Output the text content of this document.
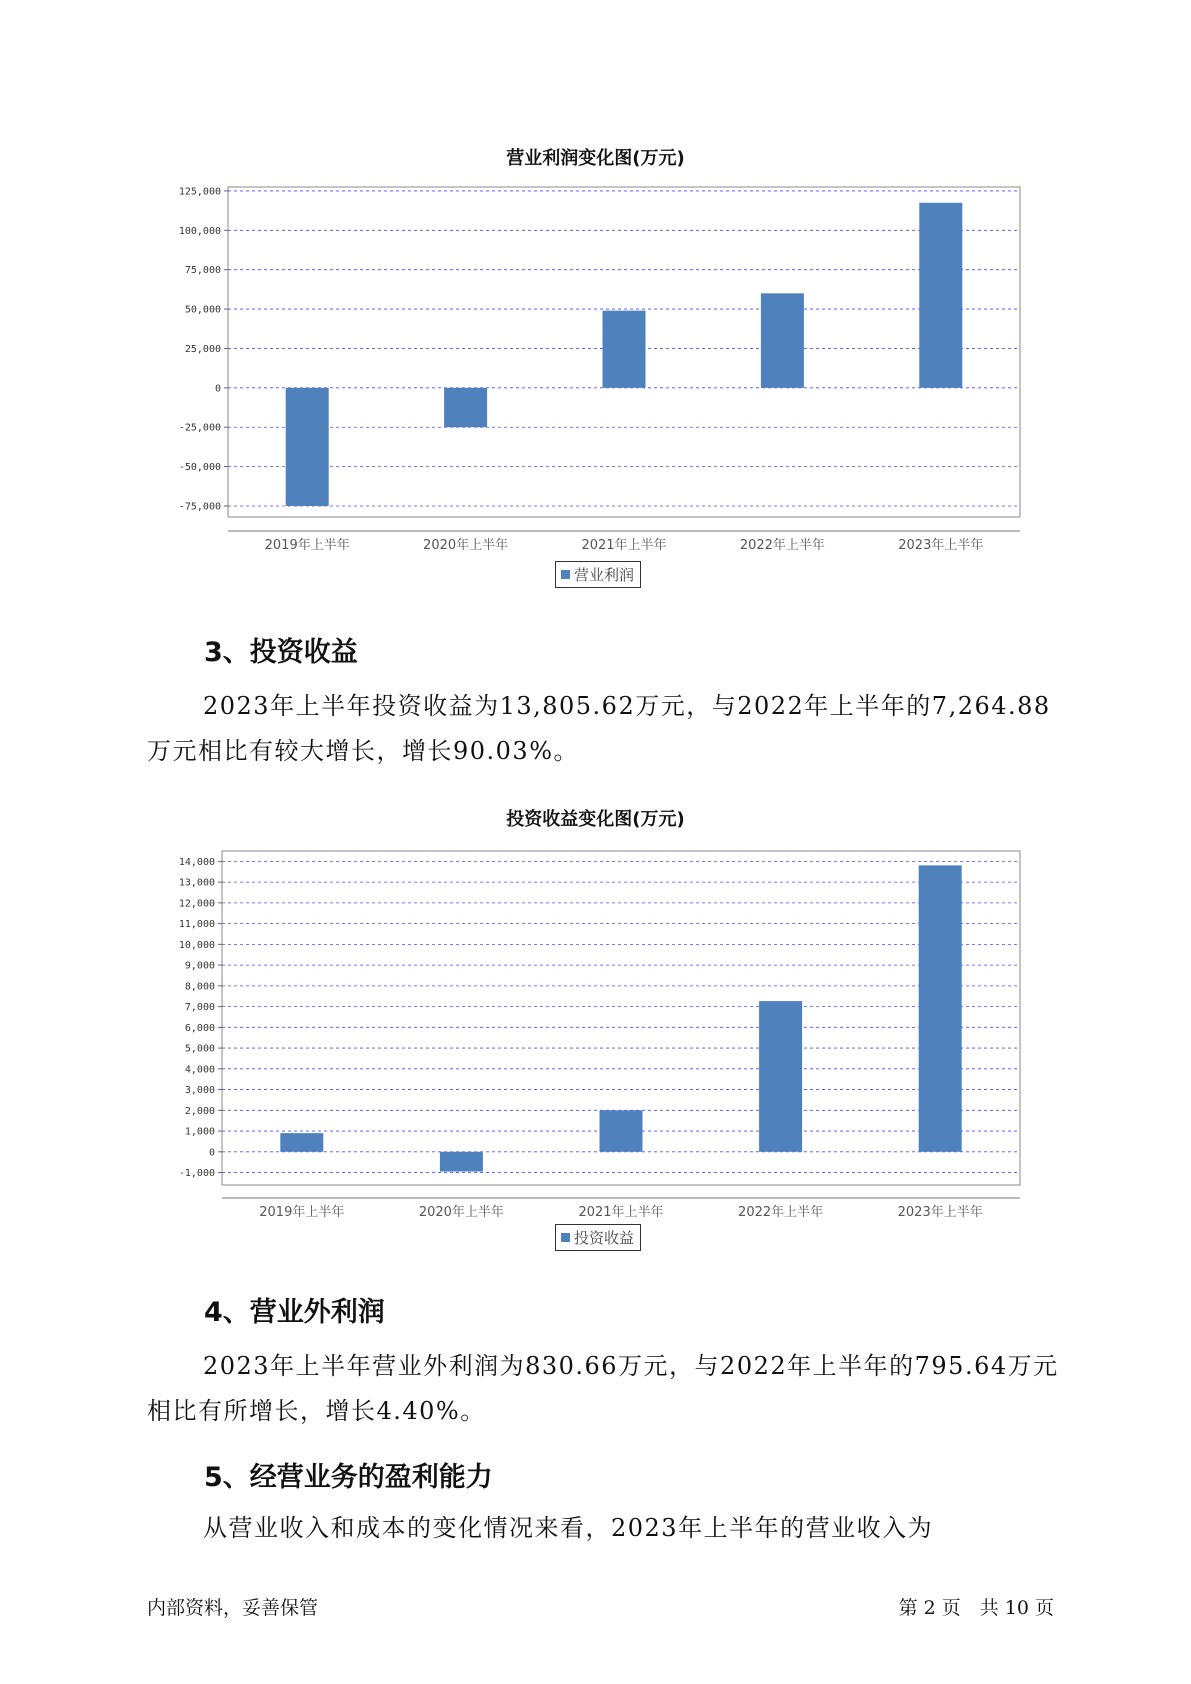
营业利润变化图(万元)
125,000
100,000
75,000
50,000
25,000
0
-25,000
-50,000
-75,000
2019年上半年	2020年上半年	2021年上半年	2022年上半年	2023年上半年
营业利润
3、投资收益

2023年上半年投资收益为13,805.62万元，与2022年上半年的7,264.88万元相比有较大增长，增长90.03%。

投资收益变化图(万元)
14,000
13,000
12,000
11,000
10,000
9,000
8,000
7,000
6,000
5,000
4,000
3,000
2,000
1,000
0
-1,000
2019年上半年	2020年上半年	2021年上半年	2022年上半年	2023年上半年
投资收益
4、营业外利润

2023年上半年营业外利润为830.66万元，与2022年上半年的795.64万元相比有所增长，增长4.40%。

5、经营业务的盈利能力

从营业收入和成本的变化情况来看，2023年上半年的营业收入为

内部资料，妥善保管	第 2 页　共 10 页
